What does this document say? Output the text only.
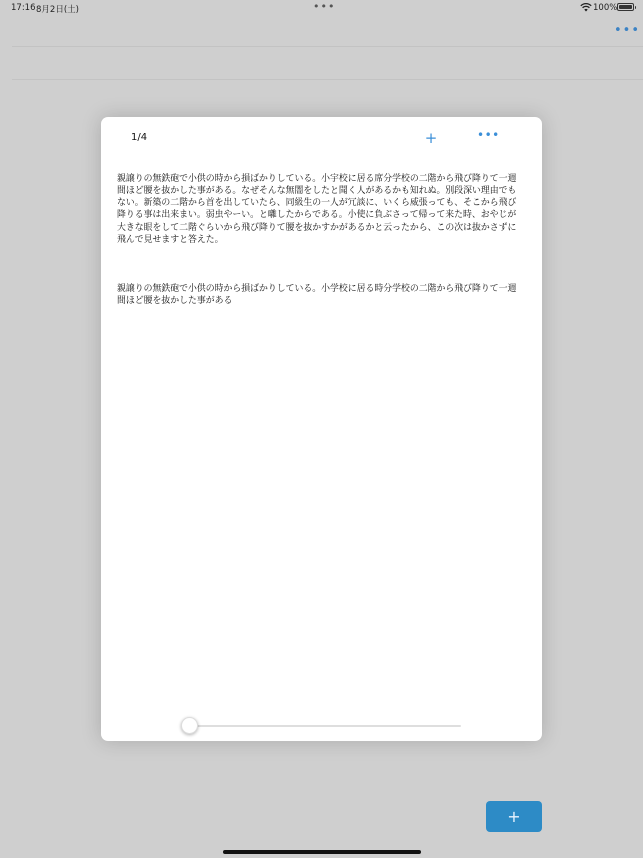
17:16 8月2日(土)	•••	100%
•••
1/4	+	•••

親譲りの無鉄砲で小供の時から損ばかりしている。小宇校に居る席分学校の二階から飛び降りて一週間ほど腰を抜かした事がある。なぜそんな無闇をしたと聞く人があるかも知れぬ。別段深い理由でもない。新築の二階から首を出していたら、同級生の一人が冗談に、いくら威張っても、そこから飛び降りる事は出来まい。弱虫やーい。と囃したからである。小使に負ぶさって帰って来た時、おやじが大きな眼をして二階ぐらいから飛び降りて腰を抜かすかがあるかと云ったから、この次は抜かさずに飛んで見せますと答えた。

親譲りの無鉄砲で小供の時から損ばかりしている。小学校に居る時分学校の二階から飛び降りて一週間ほど腰を抜かした事がある

+
